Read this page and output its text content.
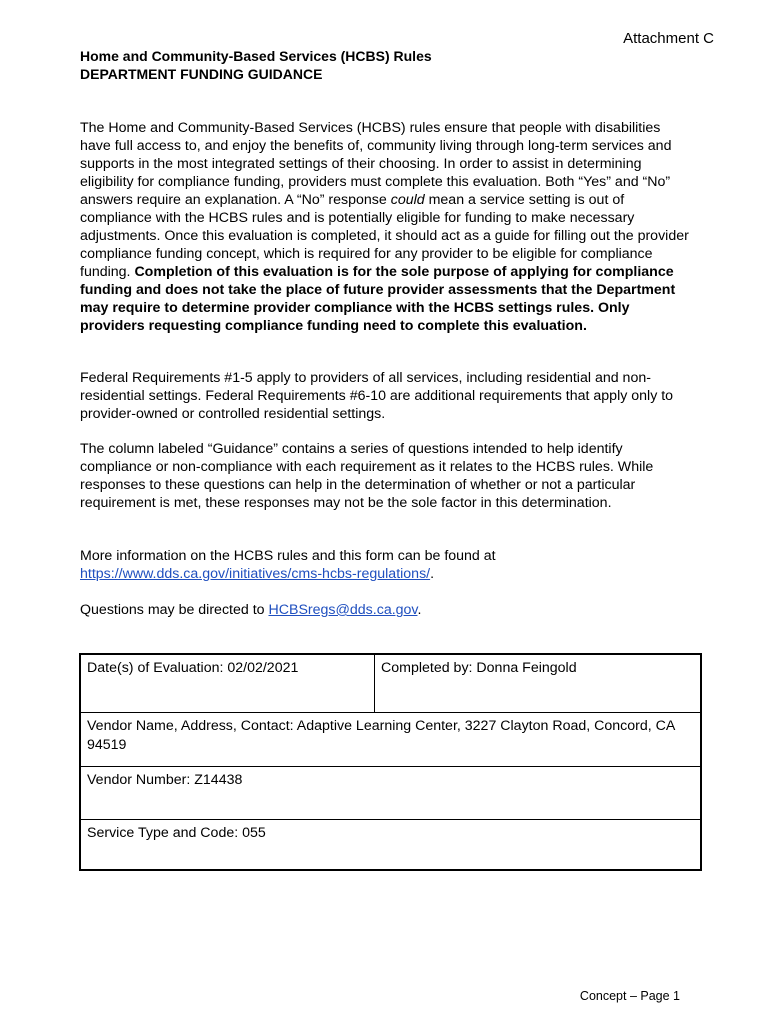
Attachment C
Home and Community-Based Services (HCBS) Rules
DEPARTMENT FUNDING GUIDANCE
The Home and Community-Based Services (HCBS) rules ensure that people with disabilities have full access to, and enjoy the benefits of, community living through long-term services and supports in the most integrated settings of their choosing. In order to assist in determining eligibility for compliance funding, providers must complete this evaluation. Both “Yes” and “No” answers require an explanation. A “No” response could mean a service setting is out of compliance with the HCBS rules and is potentially eligible for funding to make necessary adjustments. Once this evaluation is completed, it should act as a guide for filling out the provider compliance funding concept, which is required for any provider to be eligible for compliance funding. Completion of this evaluation is for the sole purpose of applying for compliance funding and does not take the place of future provider assessments that the Department may require to determine provider compliance with the HCBS settings rules. Only providers requesting compliance funding need to complete this evaluation.
Federal Requirements #1-5 apply to providers of all services, including residential and non-residential settings. Federal Requirements #6-10 are additional requirements that apply only to provider-owned or controlled residential settings.
The column labeled “Guidance” contains a series of questions intended to help identify compliance or non-compliance with each requirement as it relates to the HCBS rules. While responses to these questions can help in the determination of whether or not a particular requirement is met, these responses may not be the sole factor in this determination.
More information on the HCBS rules and this form can be found at
https://www.dds.ca.gov/initiatives/cms-hcbs-regulations/.
Questions may be directed to HCBSregs@dds.ca.gov.
Date(s) of Evaluation: 02/02/2021	Completed by: Donna Feingold
Vendor Name, Address, Contact: Adaptive Learning Center, 3227 Clayton Road, Concord, CA 94519
Vendor Number: Z14438
Service Type and Code: 055
Concept – Page 1
